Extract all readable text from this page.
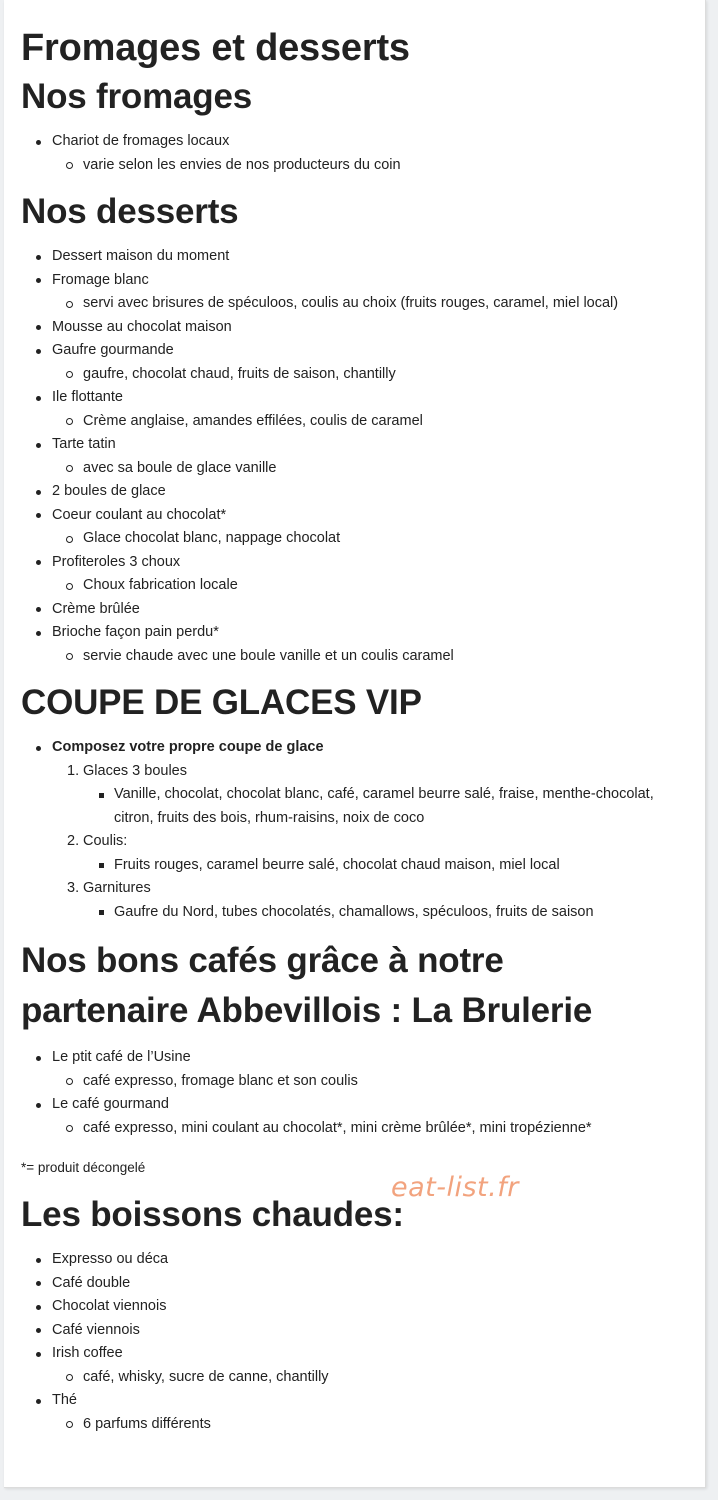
Fromages et desserts
Nos fromages
Chariot de fromages locaux
varie selon les envies de nos producteurs du coin
Nos desserts
Dessert maison du moment
Fromage blanc
servi avec brisures de spéculoos, coulis au choix (fruits rouges, caramel, miel local)
Mousse au chocolat maison
Gaufre gourmande
gaufre, chocolat chaud, fruits de saison, chantilly
Ile flottante
Crème anglaise, amandes effilées, coulis de caramel
Tarte tatin
avec sa boule de glace vanille
2 boules de glace
Coeur coulant au chocolat*
Glace chocolat blanc, nappage chocolat
Profiteroles 3 choux
Choux fabrication locale
Crème brûlée
Brioche façon pain perdu*
servie chaude avec une boule vanille et un coulis caramel
COUPE DE GLACES VIP
Composez votre propre coupe de glace
1. Glaces 3 boules
Vanille, chocolat, chocolat blanc, café, caramel beurre salé, fraise, menthe-chocolat,
citron, fruits des bois, rhum-raisins, noix de coco
2. Coulis:
Fruits rouges, caramel beurre salé, chocolat chaud maison, miel local
3. Garnitures
Gaufre du Nord, tubes chocolatés, chamallows, spéculoos, fruits de saison
Nos bons cafés grâce à notre
partenaire Abbevillois : La Brulerie
Le ptit café de l’Usine
café expresso, fromage blanc et son coulis
Le café gourmand
café expresso, mini coulant au chocolat*, mini crème brûlée*, mini tropézienne*
*= produit décongelé
Les boissons chaudes:
Expresso ou déca
Café double
Chocolat viennois
Café viennois
Irish coffee
café, whisky, sucre de canne, chantilly
Thé
6 parfums différents
eat-list.fr
